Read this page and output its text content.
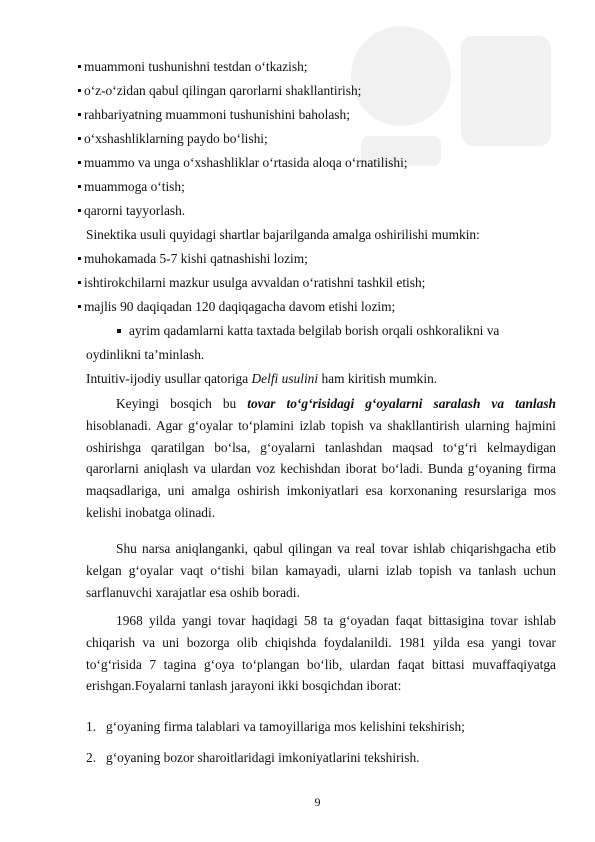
muammoni tushunishni testdan o‘tkazish;
o‘z-o‘zidan qabul qilingan qarorlarni shakllantirish;
rahbariyatning muammoni tushunishini baholash;
o‘xshashliklarning paydo bo‘lishi;
muammo va unga o‘xshashliklar o‘rtasida aloqa o‘rnatilishi;
muammoga o‘tish;
qarorni tayyorlash.
Sinektika usuli quyidagi shartlar bajarilganda amalga oshirilishi mumkin:
muhokamada 5-7 kishi qatnashishi lozim;
ishtirokchilarni mazkur usulga avvaldan o‘ratishni tashkil etish;
majlis 90 daqiqadan 120 daqiqagacha davom etishi lozim;
ayrim qadamlarni katta taxtada belgilab borish orqali oshkoralikni va
oydinlikni ta’minlash.
Intuitiv-ijodiy usullar qatoriga Delfi usulini ham kiritish mumkin.
Keyingi bosqich bu tovar to‘g‘risidagi g‘oyalarni saralash va tanlash hisoblanadi. Agar g‘oyalar to‘plamini izlab topish va shakllantirish ularning hajmini oshirishga qaratilgan bo‘lsa, g‘oyalarni tanlashdan maqsad to‘g‘ri kelmaydigan qarorlarni aniqlash va ulardan voz kechishdan iborat bo‘ladi. Bunda g‘oyaning firma maqsadlariga, uni amalga oshirish imkoniyatlari esa korxonaning resurslariga mos kelishi inobatga olinadi.
Shu narsa aniqlanganki, qabul qilingan va real tovar ishlab chiqarishgacha etib kelgan g‘oyalar vaqt o‘tishi bilan kamayadi, ularni izlab topish va tanlash uchun sarflanuvchi xarajatlar esa oshib boradi.
1968 yilda yangi tovar haqidagi 58 ta g‘oyadan faqat bittasigina tovar ishlab chiqarish va uni bozorga olib chiqishda foydalanildi. 1981 yilda esa yangi tovar to‘g‘risida 7 tagina g‘oya to‘plangan bo‘lib, ulardan faqat bittasi muvaffaqiyatga erishgan.Foyalarni tanlash jarayoni ikki bosqichdan iborat:
1. g‘oyaning firma talablari va tamoyillariga mos kelishini tekshirish;
2. g‘oyaning bozor sharoitlaridagi imkoniyatlarini tekshirish.
9
